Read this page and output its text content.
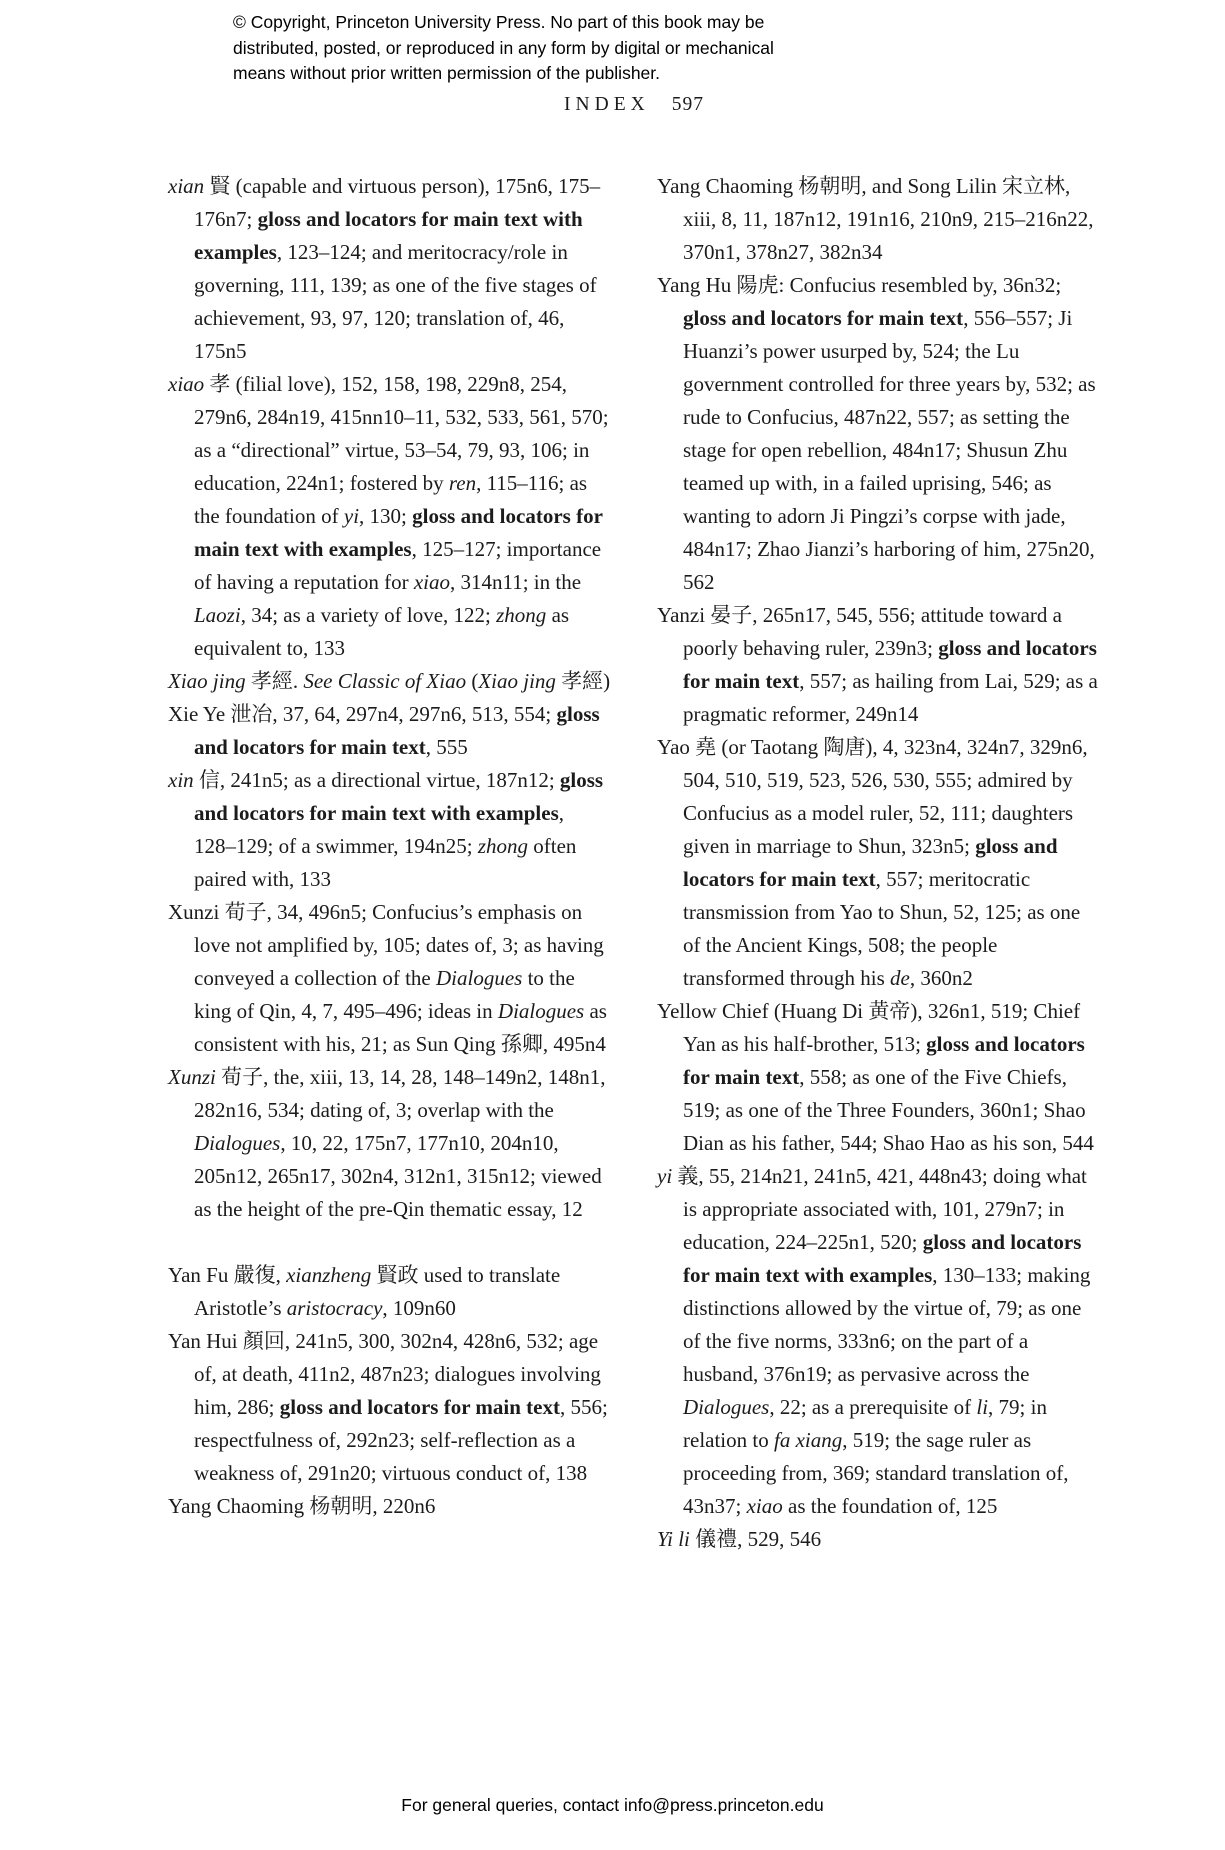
© Copyright, Princeton University Press. No part of this book may be
distributed, posted, or reproduced in any form by digital or mechanical
means without prior written permission of the publisher.
INDEX 597

xian 賢 (capable and virtuous person), 175n6, 175–176n7; gloss and locators for main text with examples, 123–124; and meritocracy/role in governing, 111, 139; as one of the five stages of achievement, 93, 97, 120; translation of, 46, 175n5

xiao 孝 (filial love), 152, 158, 198, 229n8, 254, 279n6, 284n19, 415nn10–11, 532, 533, 561, 570; as a “directional” virtue, 53–54, 79, 93, 106; in education, 224n1; fostered by ren, 115–116; as the foundation of yi, 130; gloss and locators for main text with examples, 125–127; importance of having a reputation for xiao, 314n11; in the Laozi, 34; as a variety of love, 122; zhong as equivalent to, 133

Xiao jing 孝經. See Classic of Xiao (Xiao jing 孝經)

Xie Ye 泄冶, 37, 64, 297n4, 297n6, 513, 554; gloss and locators for main text, 555

xin 信, 241n5; as a directional virtue, 187n12; gloss and locators for main text with examples, 128–129; of a swimmer, 194n25; zhong often paired with, 133

Xunzi 荀子, 34, 496n5; Confucius’s emphasis on love not amplified by, 105; dates of, 3; as having conveyed a collection of the Dialogues to the king of Qin, 4, 7, 495–496; ideas in Dialogues as consistent with his, 21; as Sun Qing 孫卿, 495n4

Xunzi 荀子, the, xiii, 13, 14, 28, 148–149n2, 148n1, 282n16, 534; dating of, 3; overlap with the Dialogues, 10, 22, 175n7, 177n10, 204n10, 205n12, 265n17, 302n4, 312n1, 315n12; viewed as the height of the pre-Qin thematic essay, 12

Yan Fu 嚴復, xianzheng 賢政 used to translate Aristotle’s aristocracy, 109n60

Yan Hui 顏回, 241n5, 300, 302n4, 428n6, 532; age of, at death, 411n2, 487n23; dialogues involving him, 286; gloss and locators for main text, 556; respectfulness of, 292n23; self-reflection as a weakness of, 291n20; virtuous conduct of, 138

Yang Chaoming 杨朝明, 220n6

Yang Chaoming 杨朝明, and Song Lilin 宋立林, xiii, 8, 11, 187n12, 191n16, 210n9, 215–216n22, 370n1, 378n27, 382n34

Yang Hu 陽虎: Confucius resembled by, 36n32; gloss and locators for main text, 556–557; Ji Huanzi’s power usurped by, 524; the Lu government controlled for three years by, 532; as rude to Confucius, 487n22, 557; as setting the stage for open rebellion, 484n17; Shusun Zhu teamed up with, in a failed uprising, 546; as wanting to adorn Ji Pingzi’s corpse with jade, 484n17; Zhao Jianzi’s harboring of him, 275n20, 562

Yanzi 晏子, 265n17, 545, 556; attitude toward a poorly behaving ruler, 239n3; gloss and locators for main text, 557; as hailing from Lai, 529; as a pragmatic reformer, 249n14

Yao 堯 (or Taotang 陶唐), 4, 323n4, 324n7, 329n6, 504, 510, 519, 523, 526, 530, 555; admired by Confucius as a model ruler, 52, 111; daughters given in marriage to Shun, 323n5; gloss and locators for main text, 557; meritocratic transmission from Yao to Shun, 52, 125; as one of the Ancient Kings, 508; the people transformed through his de, 360n2

Yellow Chief (Huang Di 黄帝), 326n1, 519; Chief Yan as his half-brother, 513; gloss and locators for main text, 558; as one of the Five Chiefs, 519; as one of the Three Founders, 360n1; Shao Dian as his father, 544; Shao Hao as his son, 544

yi 義, 55, 214n21, 241n5, 421, 448n43; doing what is appropriate associated with, 101, 279n7; in education, 224–225n1, 520; gloss and locators for main text with examples, 130–133; making distinctions allowed by the virtue of, 79; as one of the five norms, 333n6; on the part of a husband, 376n19; as pervasive across the Dialogues, 22; as a prerequisite of li, 79; in relation to fa xiang, 519; the sage ruler as proceeding from, 369; standard translation of, 43n37; xiao as the foundation of, 125

Yi li 儀禮, 529, 546

For general queries, contact info@press.princeton.edu
